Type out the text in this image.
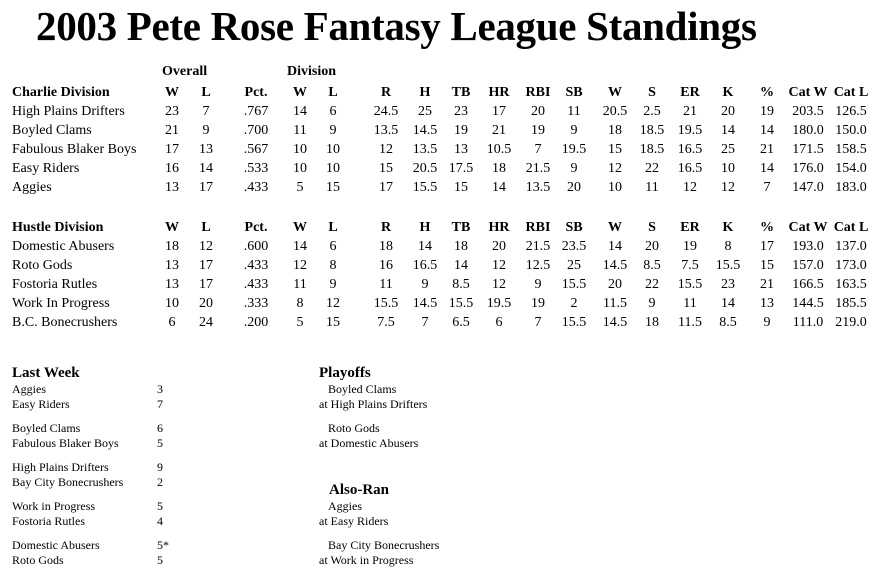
2003 Pete Rose Fantasy League Standings
Overall	Division
Charlie Division	W	L	Pct.	W	L	R	H	TB	HR	RBI	SB	W	S	ER	K	%	Cat W Cat L
High Plains Drifters	23	7	.767	14	6	24.5	25	23	17	20	11	20.5	2.5	21	20	19	203.5 126.5
Boyled Clams	21	9	.700	11	9	13.5	14.5	19	21	19	9	18	18.5 19.5	14	14	180.0 150.0
Fabulous Blaker Boys	17	13	.567	10	10	12	13.5	13	10.5	7	19.5	15	18.5 16.5	25	21	171.5 158.5
Easy Riders	16	14	.533	10	10	15	20.5 17.5	18	21.5	9	12	22	16.5	10	14	176.0 154.0
Aggies	13	17	.433	5	15	17	15.5	15	14	13.5	20	10	11	12	12	7	147.0 183.0
Hustle Division	W	L	Pct.	W	L	R	H	TB	HR	RBI	SB	W	S	ER	K	%	Cat W Cat L
Domestic Abusers	18	12	.600	14	6	18	14	18	20	21.5 23.5	14	20	19	8	17	193.0 137.0
Roto Gods	13	17	.433	12	8	16	16.5	14	12	12.5	25	14.5	8.5	7.5	15.5	15	157.0 173.0
Fostoria Rutles	13	17	.433	11	9	11	9	8.5	12	9	15.5	20	22	15.5	23	21	166.5 163.5
Work In Progress	10	20	.333	8	12	15.5	14.5 15.5 19.5	19	2	11.5	9	11	14	13	144.5 185.5
B.C. Bonecrushers	6	24	.200	5	15	7.5	7	6.5	6	7	15.5	14.5	18	11.5	8.5	9	111.0 219.0
Last Week
Aggies	3
Easy Riders	7
Boyled Clams	6
Fabulous Blaker Boys	5
High Plains Drifters	9
Bay City Bonecrushers	2
Work in Progress	5
Fostoria Rutles	4
Domestic Abusers	5*
Roto Gods	5
Playoffs
Boyled Clams
at High Plains Drifters
Roto Gods
at Domestic Abusers
Also-Ran
Aggies
at Easy Riders
Bay City Bonecrushers
at Work in Progress
